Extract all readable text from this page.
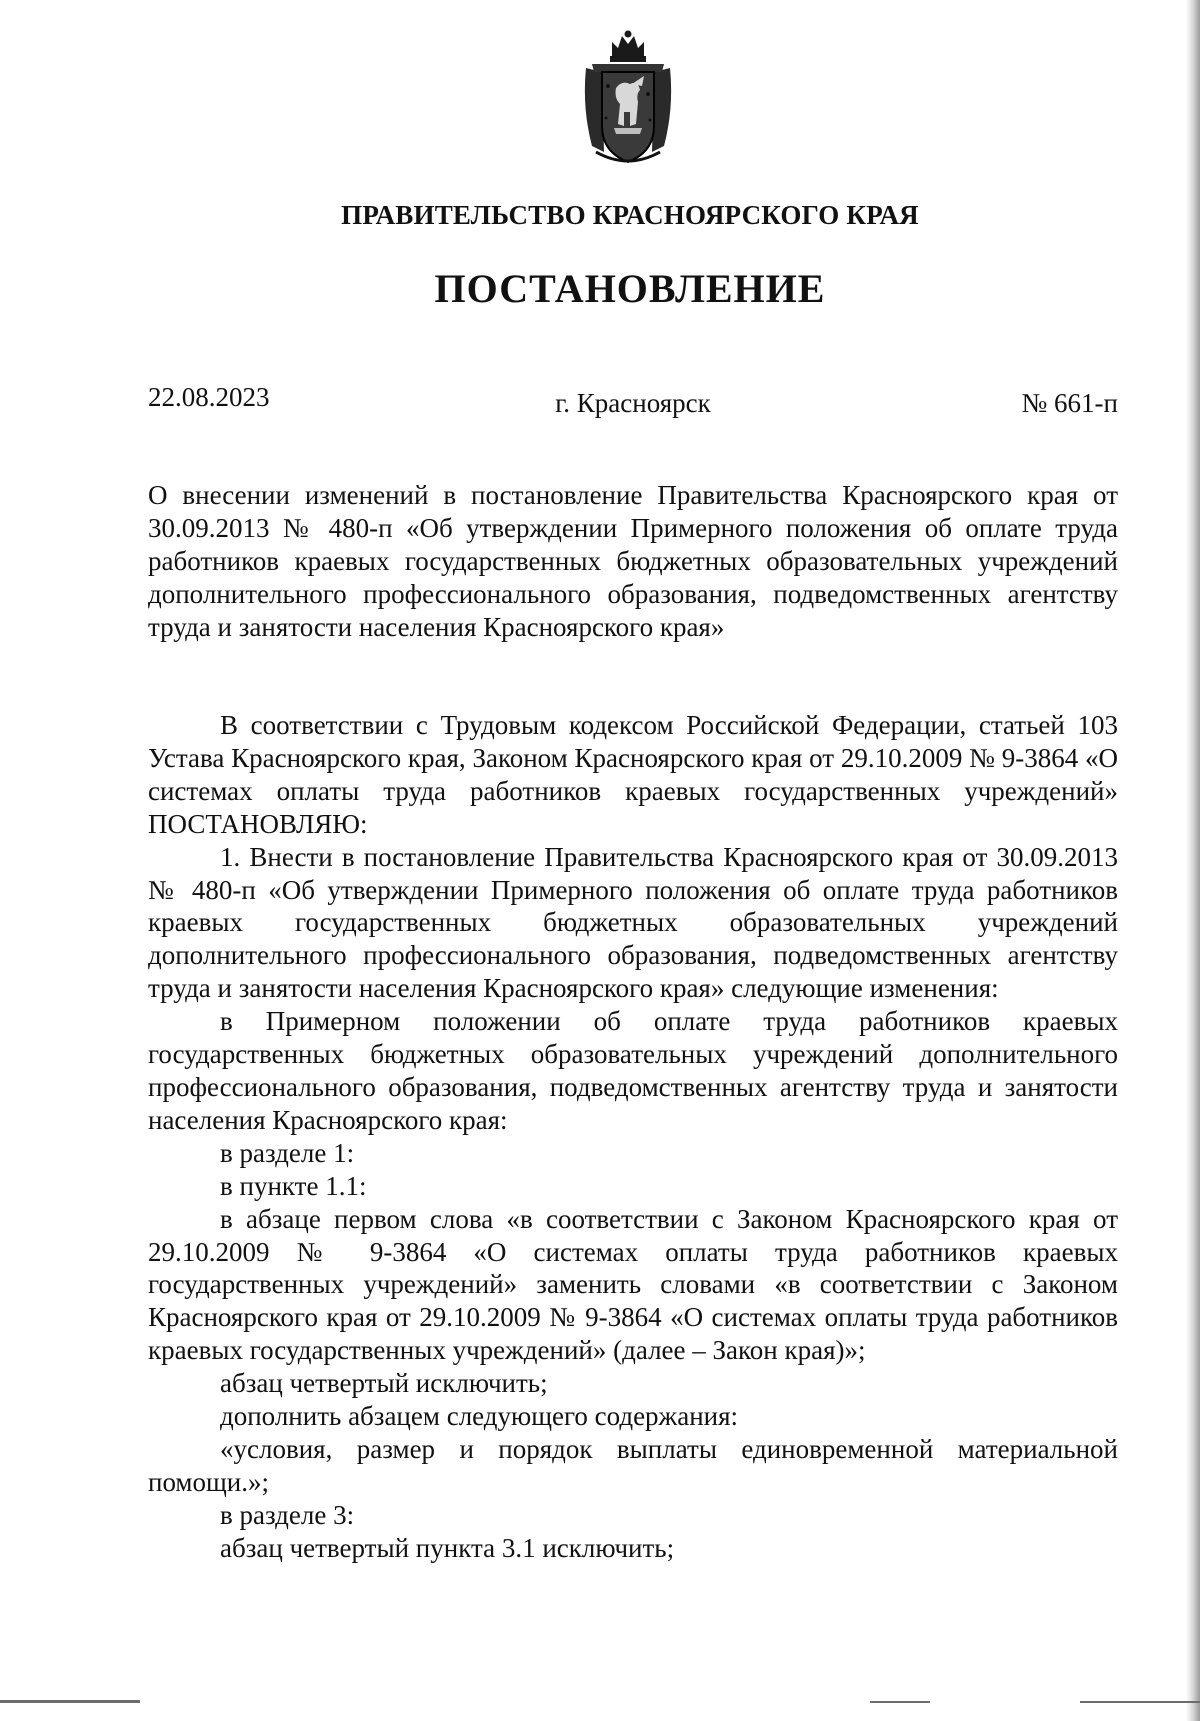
ПРАВИТЕЛЬСТВО КРАСНОЯРСКОГО КРАЯ
ПОСТАНОВЛЕНИЕ
22.08.2023	г. Красноярск	№ 661-п

О внесении изменений в постановление Правительства Красноярского края от 30.09.2013 № 480-п «Об утверждении Примерного положения об оплате труда работников краевых государственных бюджетных образовательных учреждений дополнительного профессионального образования, подведомственных агентству труда и занятости населения Красноярского края»

В соответствии с Трудовым кодексом Российской Федерации, статьей 103 Устава Красноярского края, Законом Красноярского края от 29.10.2009 № 9-3864 «О системах оплаты труда работников краевых государственных учреждений» ПОСТАНОВЛЯЮ:

1. Внести в постановление Правительства Красноярского края от 30.09.2013 № 480-п «Об утверждении Примерного положения об оплате труда работников краевых государственных бюджетных образовательных учреждений дополнительного профессионального образования, подведомственных агентству труда и занятости населения Красноярского края» следующие изменения:

в Примерном положении об оплате труда работников краевых государственных бюджетных образовательных учреждений дополнительного профессионального образования, подведомственных агентству труда и занятости населения Красноярского края:

в разделе 1:

в пункте 1.1:

в абзаце первом слова «в соответствии с Законом Красноярского края от 29.10.2009 № 9-3864 «О системах оплаты труда работников краевых государственных учреждений» заменить словами «в соответствии с Законом Красноярского края от 29.10.2009 № 9-3864 «О системах оплаты труда работников краевых государственных учреждений» (далее – Закон края)»;

абзац четвертый исключить;

дополнить абзацем следующего содержания:

«условия, размер и порядок выплаты единовременной материальной помощи.»;

в разделе 3:

абзац четвертый пункта 3.1 исключить;
